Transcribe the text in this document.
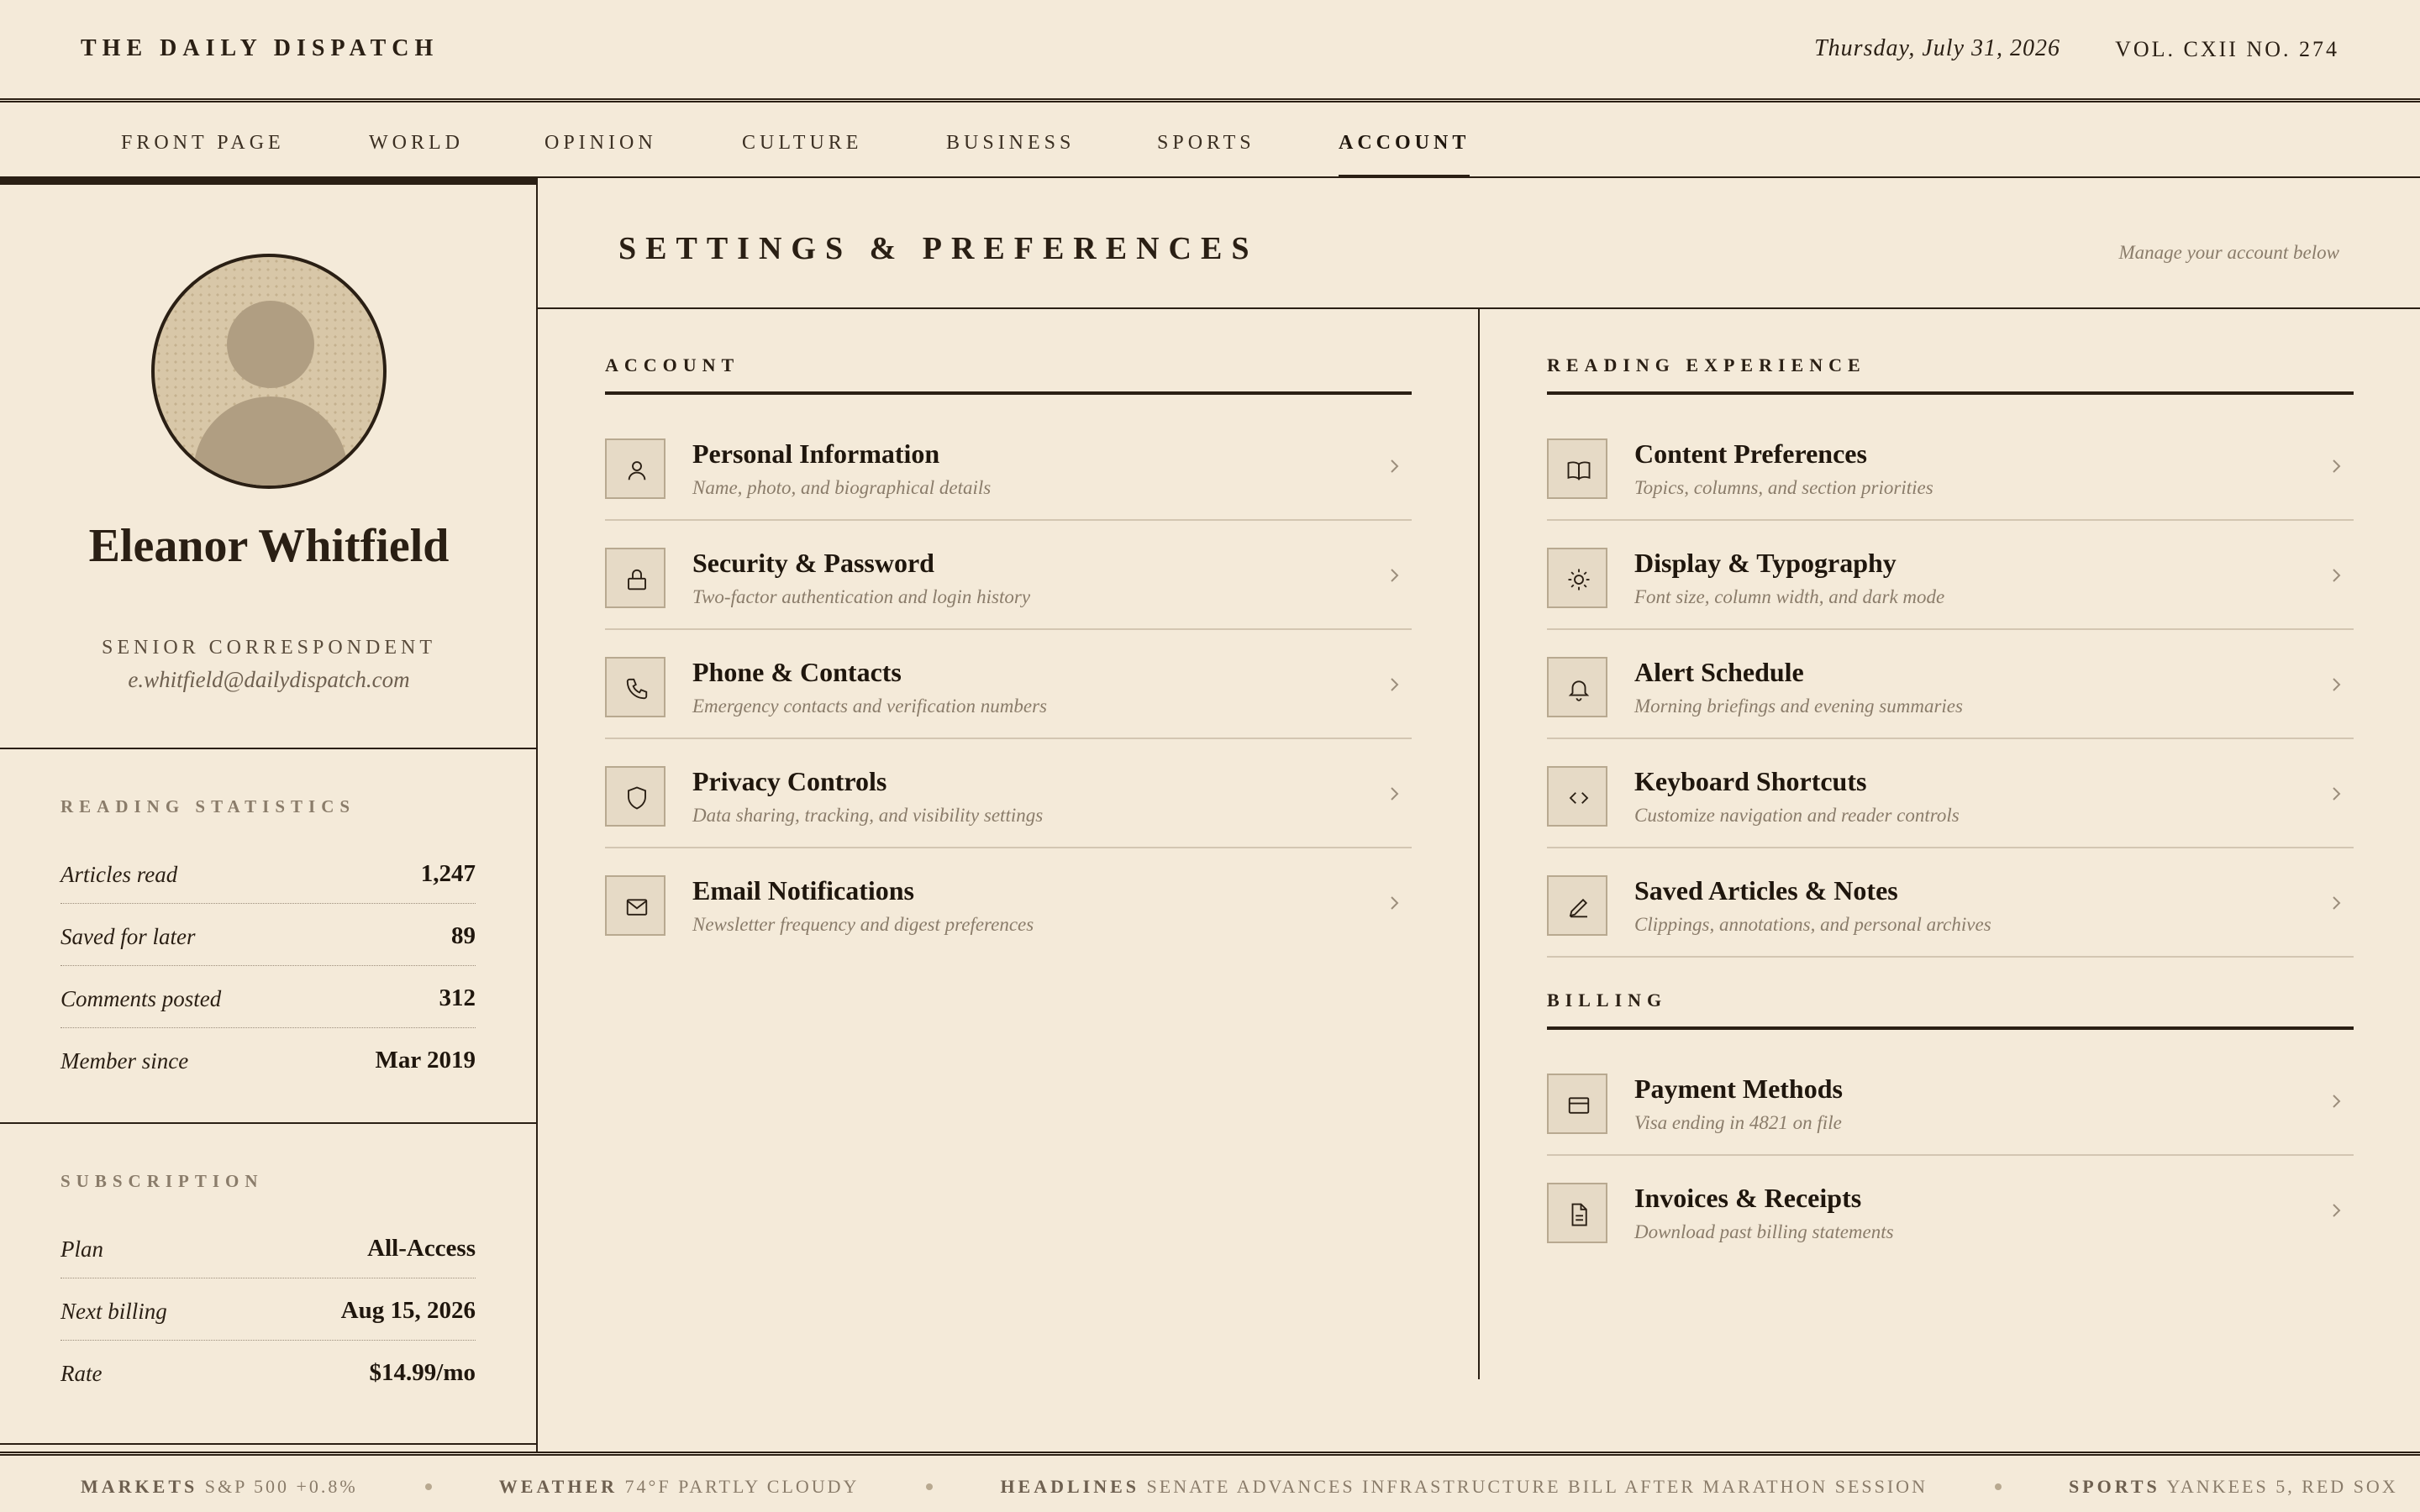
THE DAILY DISPATCH	Thursday, July 31, 2026	VOL. CXII NO. 274
FRONT PAGE	WORLD	OPINION	CULTURE	BUSINESS	SPORTS	ACCOUNT
Eleanor Whitfield
SENIOR CORRESPONDENT
e.whitfield@dailydispatch.com
READING STATISTICS
Articles read	1,247
Saved for later	89
Comments posted	312
Member since	Mar 2019
SUBSCRIPTION
Plan	All-Access
Next billing	Aug 15, 2026
Rate	$14.99/mo
SETTINGS & PREFERENCES	Manage your account below
ACCOUNT
Personal Information
Name, photo, and biographical details
Security & Password
Two-factor authentication and login history
Phone & Contacts
Emergency contacts and verification numbers
Privacy Controls
Data sharing, tracking, and visibility settings
Email Notifications
Newsletter frequency and digest preferences
READING EXPERIENCE
Content Preferences
Topics, columns, and section priorities
Display & Typography
Font size, column width, and dark mode
Alert Schedule
Morning briefings and evening summaries
Keyboard Shortcuts
Customize navigation and reader controls
Saved Articles & Notes
Clippings, annotations, and personal archives
BILLING
Payment Methods
Visa ending in 4821 on file
Invoices & Receipts
Download past billing statements
MARKETS S&P 500 +0.8%	WEATHER 74°F PARTLY CLOUDY	HEADLINES SENATE ADVANCES INFRASTRUCTURE BILL AFTER MARATHON SESSION	SPORTS YANKEES 5, RED SOX
